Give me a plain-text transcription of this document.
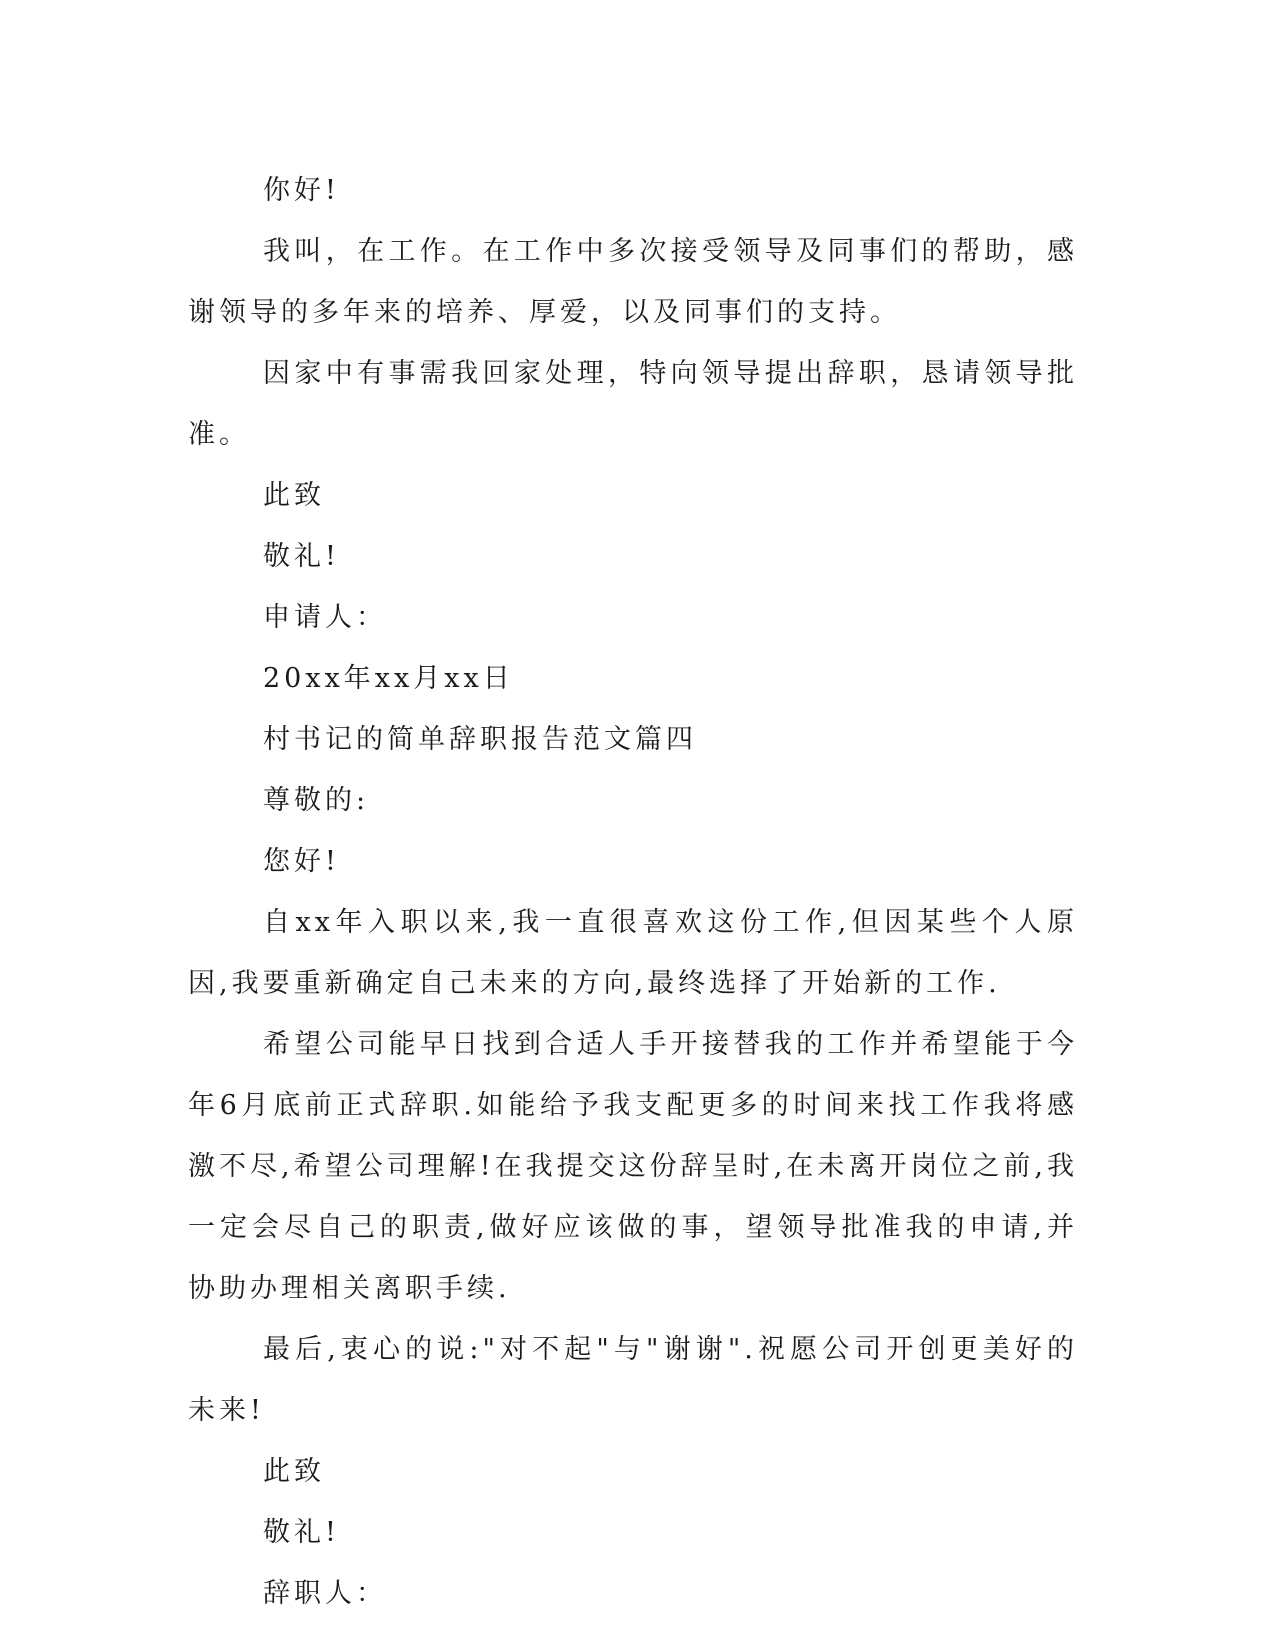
你好!

我叫，在工作。在工作中多次接受领导及同事们的帮助，感谢领导的多年来的培养、厚爱，以及同事们的支持。

因家中有事需我回家处理，特向领导提出辞职，恳请领导批准。

此致

敬礼!

申请人：

20xx年xx月xx日

村书记的简单辞职报告范文篇四

尊敬的:

您好!

自xx年入职以来,我一直很喜欢这份工作,但因某些个人原因,我要重新确定自己未来的方向,最终选择了开始新的工作.

希望公司能早日找到合适人手开接替我的工作并希望能于今年6月底前正式辞职.如能给予我支配更多的时间来找工作我将感激不尽,希望公司理解!在我提交这份辞呈时,在未离开岗位之前,我一定会尽自己的职责,做好应该做的事，望领导批准我的申请,并协助办理相关离职手续.

最后,衷心的说:"对不起"与"谢谢".祝愿公司开创更美好的未来!

此致

敬礼!

辞职人：
